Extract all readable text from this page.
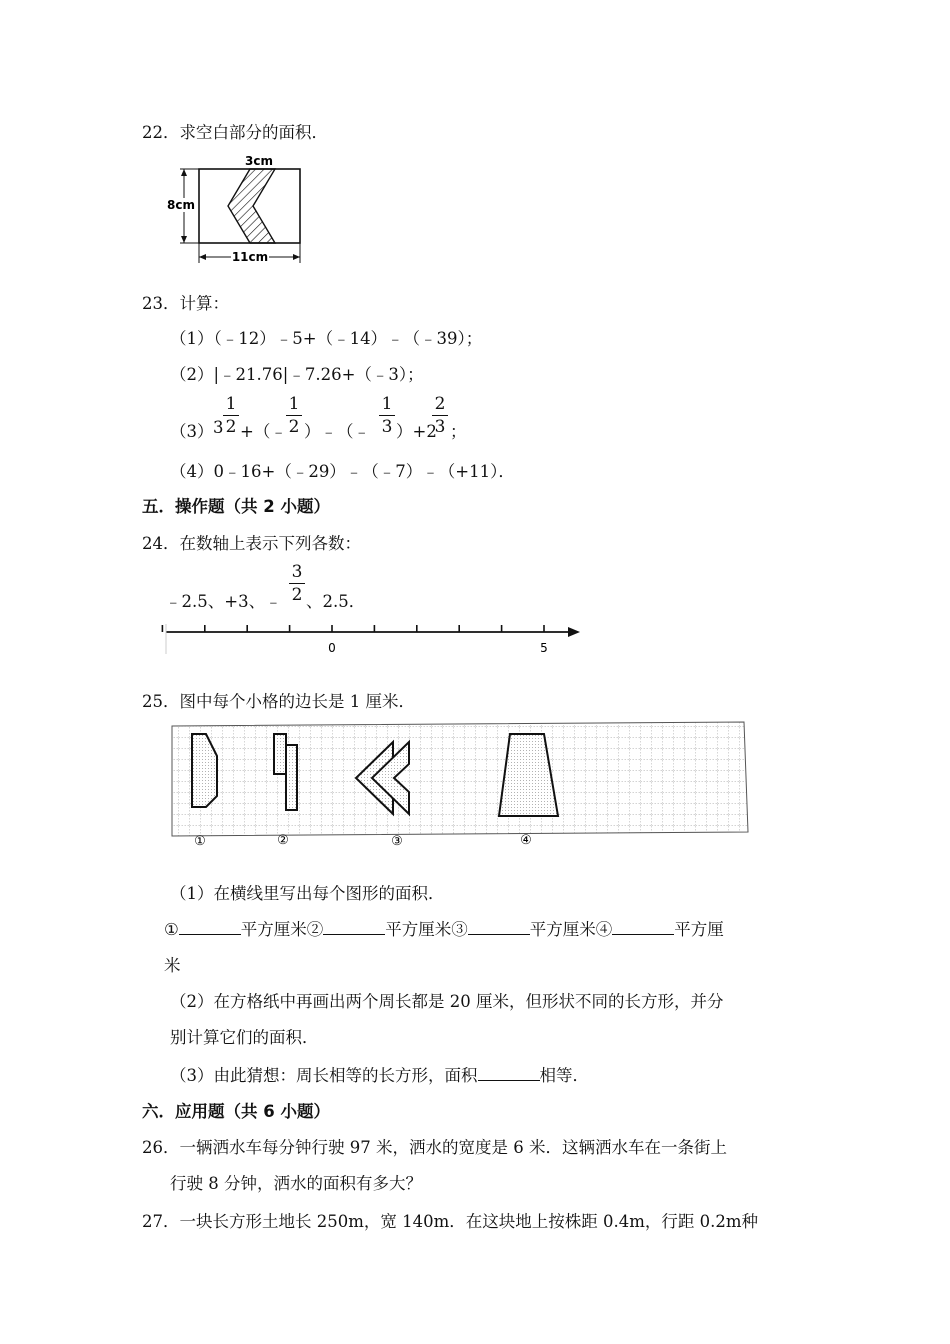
22．求空白部分的面积．
3cm
8cm
11cm
23．计算：
（1）（﹣12）﹣5+（﹣14）﹣（﹣39）；
（2）|﹣21.76|﹣7.26+（﹣3）；
（3） 3
1
2 +（﹣
1
2 ）﹣（﹣
1
3 ）+2
2
3 ；
（4）0﹣16+（﹣29）﹣（﹣7）﹣（+11）．
五．操作题（共 2 小题）
24．在数轴上表示下列各数：
﹣2.5、+3、﹣
3
2 、2.5．
0	5
25．图中每个小格的边长是 1 厘米．
①	②	③	④
（1）在横线里写出每个图形的面积．
①	平方厘米②	平方厘米③	平方厘米④	平方厘
米
（2）在方格纸中再画出两个周长都是 20 厘米，但形状不同的长方形，并分
别计算它们的面积．
（3）由此猜想：周长相等的长方形，面积	相等．
六．应用题（共 6 小题）
26．一辆洒水车每分钟行驶 97 米，洒水的宽度是 6 米．这辆洒水车在一条街上
行驶 8 分钟，洒水的面积有多大？
27．一块长方形土地长 250m，宽 140m．在这块地上按株距 0.4m，行距 0.2m种
